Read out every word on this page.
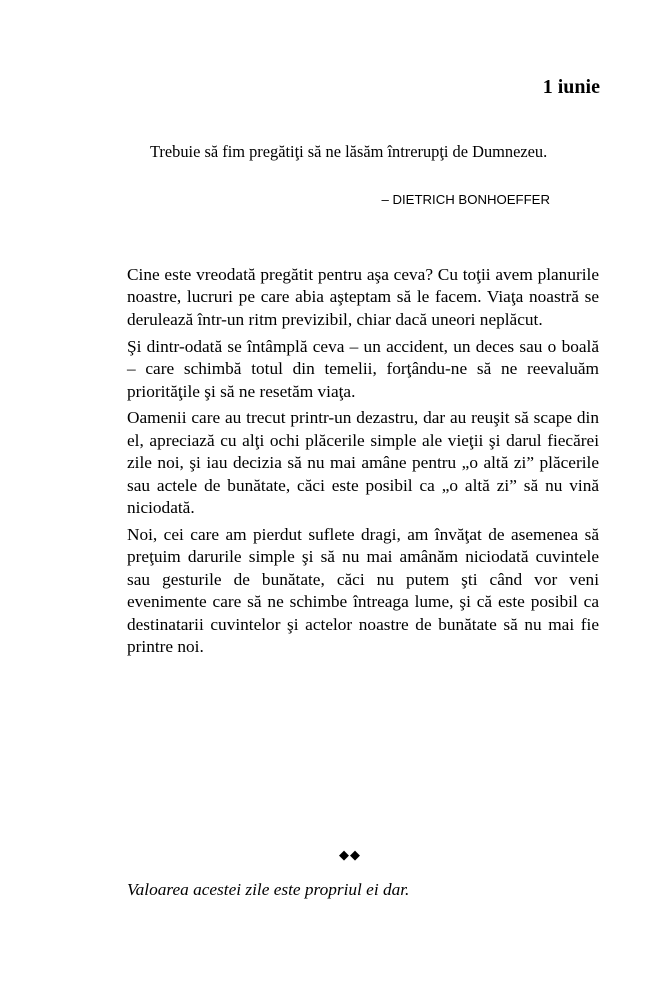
1 iunie

Trebuie să fim pregătiţi să ne lăsăm întrerupţi de Dumnezeu.

– DIETRICH BONHOEFFER

Cine este vreodată pregătit pentru aşa ceva? Cu toţii avem planurile noastre, lucruri pe care abia aşteptam să le facem. Viaţa noastră se derulează într-un ritm previzibil, chiar dacă uneori neplăcut.

Şi dintr-odată se întâmplă ceva – un accident, un deces sau o boală – care schimbă totul din temelii, forţându-ne să ne reevaluăm priorităţile şi să ne resetăm viaţa.

Oamenii care au trecut printr-un dezastru, dar au reuşit să scape din el, apreciază cu alţi ochi plăcerile simple ale vieţii şi darul fiecărei zile noi, şi iau decizia să nu mai amâne pentru „o altă zi” plăcerile sau actele de bunătate, căci este posibil ca „o altă zi” să nu vină niciodată.

Noi, cei care am pierdut suflete dragi, am învăţat de asemenea să preţuim darurile simple şi să nu mai amânăm niciodată cuvintele sau gesturile de bunătate, căci nu putem şti când vor veni evenimente care să ne schimbe întreaga lume, şi că este posibil ca destinatarii cuvintelor şi actelor noastre de bunătate să nu mai fie printre noi.

◆◆

Valoarea acestei zile este propriul ei dar.
